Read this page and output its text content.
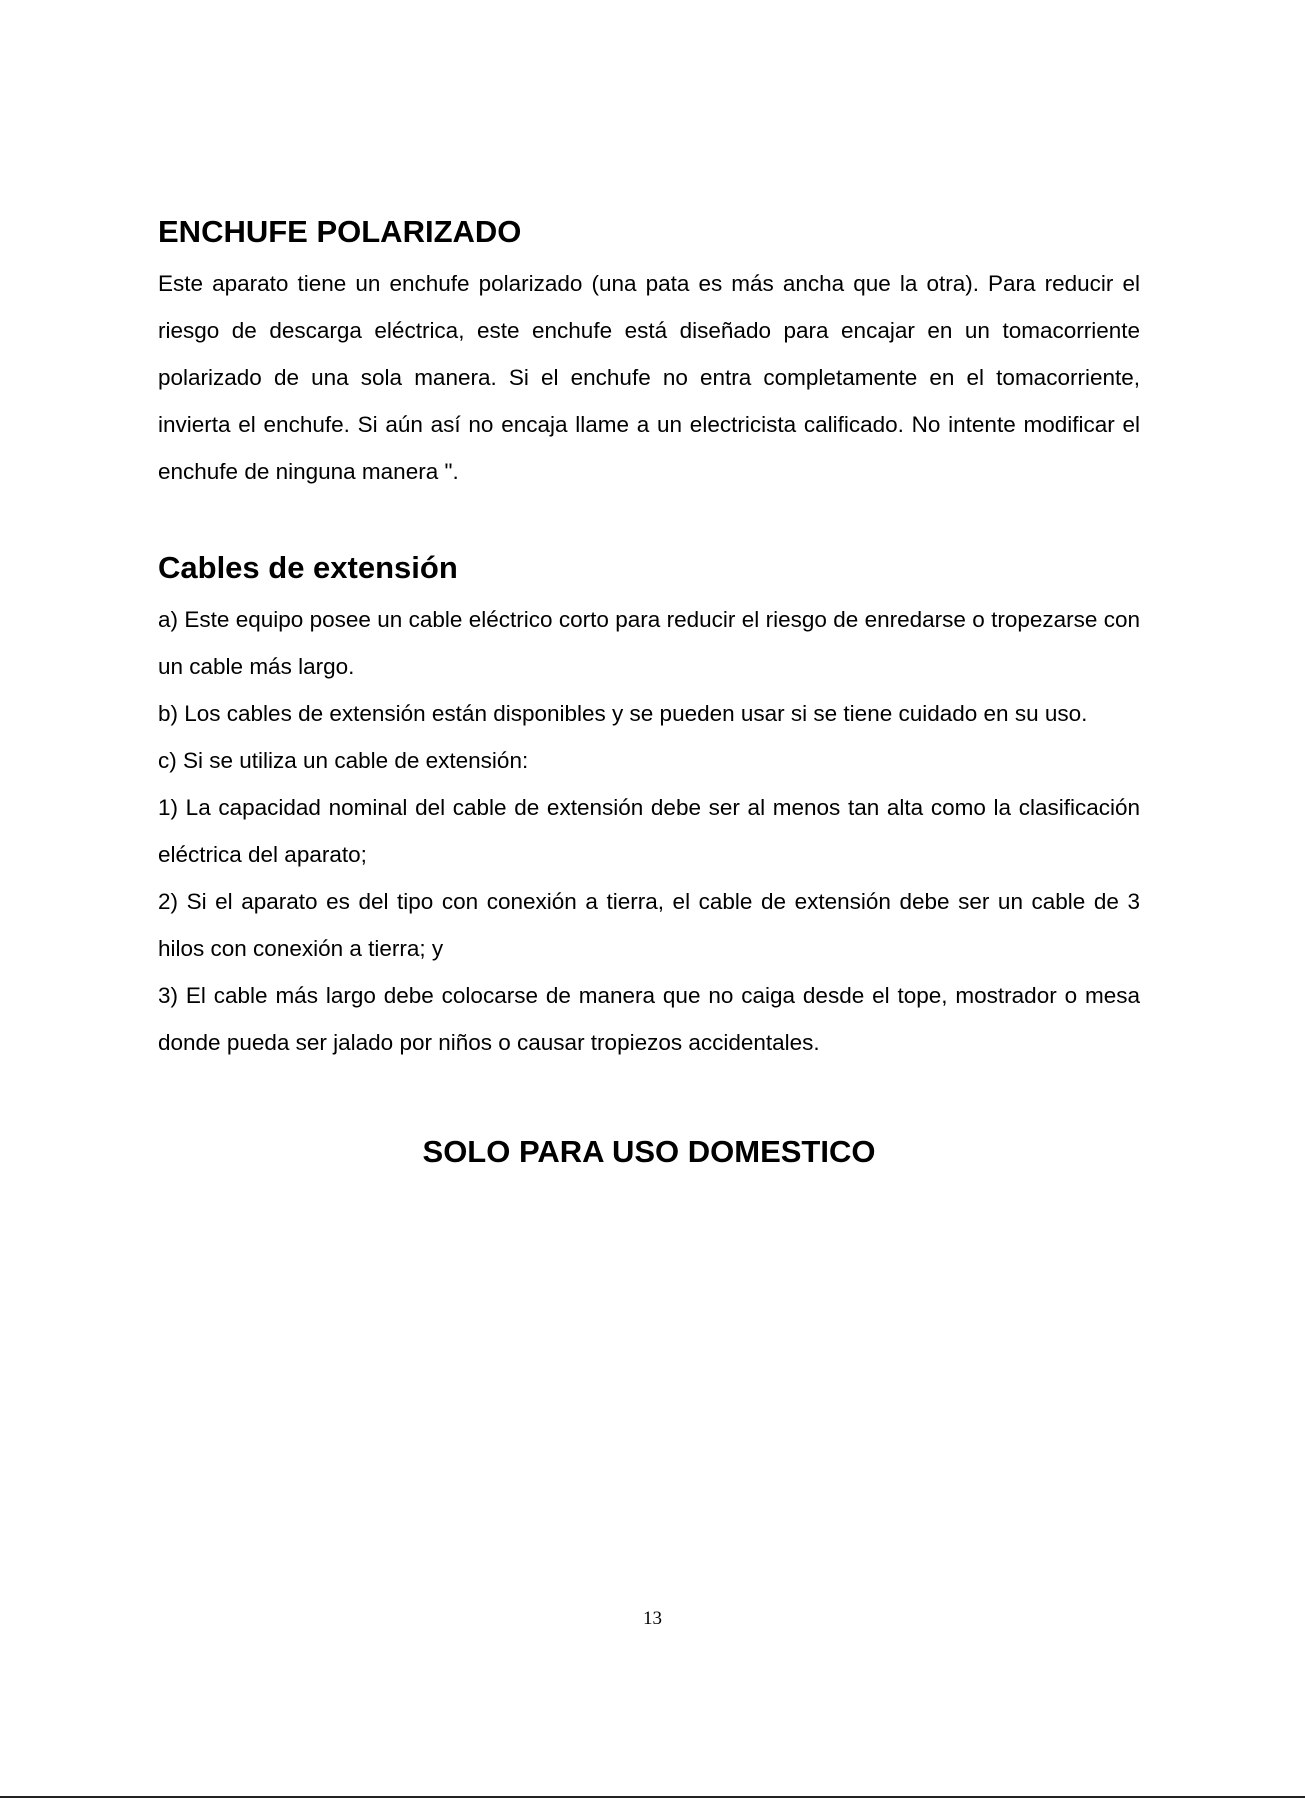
ENCHUFE POLARIZADO

Este aparato tiene un enchufe polarizado (una pata es más ancha que la otra). Para reducir el riesgo de descarga eléctrica, este enchufe está diseñado para encajar en un tomacorriente polarizado de una sola manera. Si el enchufe no entra completamente en el tomacorriente, invierta el enchufe. Si aún así no encaja llame a un electricista calificado. No intente modificar el enchufe de ninguna manera ".

Cables de extensión

a) Este equipo posee un cable eléctrico corto para reducir el riesgo de enredarse o tropezarse con un cable más largo.

b) Los cables de extensión están disponibles y se pueden usar si se tiene cuidado en su uso.

c) Si se utiliza un cable de extensión:

1) La capacidad nominal del cable de extensión debe ser al menos tan alta como la clasificación eléctrica del aparato;

2) Si el aparato es del tipo con conexión a tierra, el cable de extensión debe ser un cable de 3 hilos con conexión a tierra; y

3) El cable más largo debe colocarse de manera que no caiga desde el tope, mostrador o mesa donde pueda ser jalado por niños o causar tropiezos accidentales.

SOLO PARA USO DOMESTICO

13
